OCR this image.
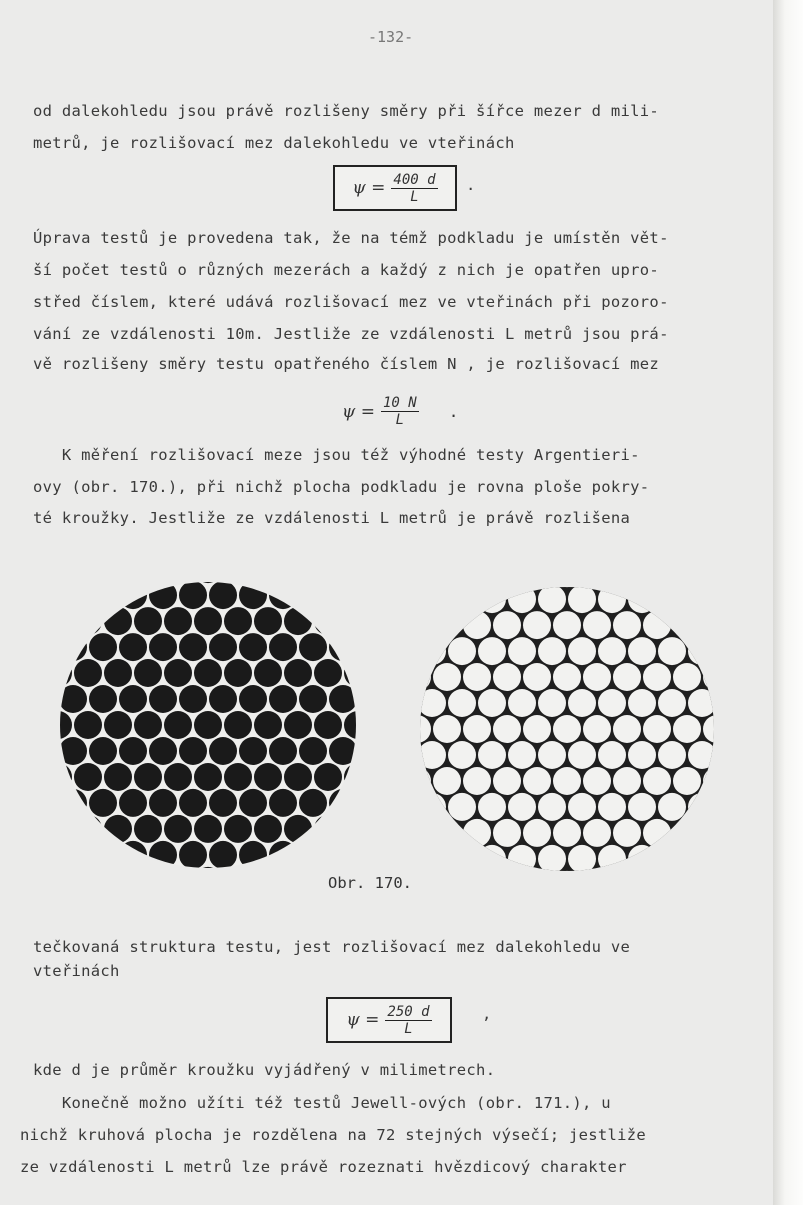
-132-
od dalekohledu jsou právě rozlišeny směry při šířce mezer d mili-
metrů, je rozlišovací mez dalekohledu ve vteřinách
$\psi = \frac{400 d}{L}$ .
Úprava testů je provedena tak, že na témž podkladu je umístěn vět-
ší počet testů o různých mezerách a každý z nich je opatřen upro-
střed číslem, které udává rozlišovací mez ve vteřinách při pozoro-
vání ze vzdálenosti 10m. Jestliže ze vzdálenosti L metrů jsou prá-
vě rozlišeny směry testu opatřeného číslem N , je rozlišovací mez
$\psi = \frac{10 N}{L}$ .
K měření rozlišovací meze jsou též výhodné testy Argentieri-
ovy (obr. 170.), při nichž plocha podkladu je rovna ploše pokry-
té kroužky. Jestliže ze vzdálenosti L metrů je právě rozlišena
Obr. 170.
tečkovaná struktura testu, jest rozlišovací mez dalekohledu ve
vteřinách
$\psi = \frac{250 d}{L}$	,
kde d je průměr kroužku vyjádřený v milimetrech.
Konečně možno užíti též testů Jewell-ových (obr. 171.), u
nichž kruhová plocha je rozdělena na 72 stejných výsečí; jestliže
ze vzdálenosti L metrů lze právě rozeznati hvězdicový charakter
